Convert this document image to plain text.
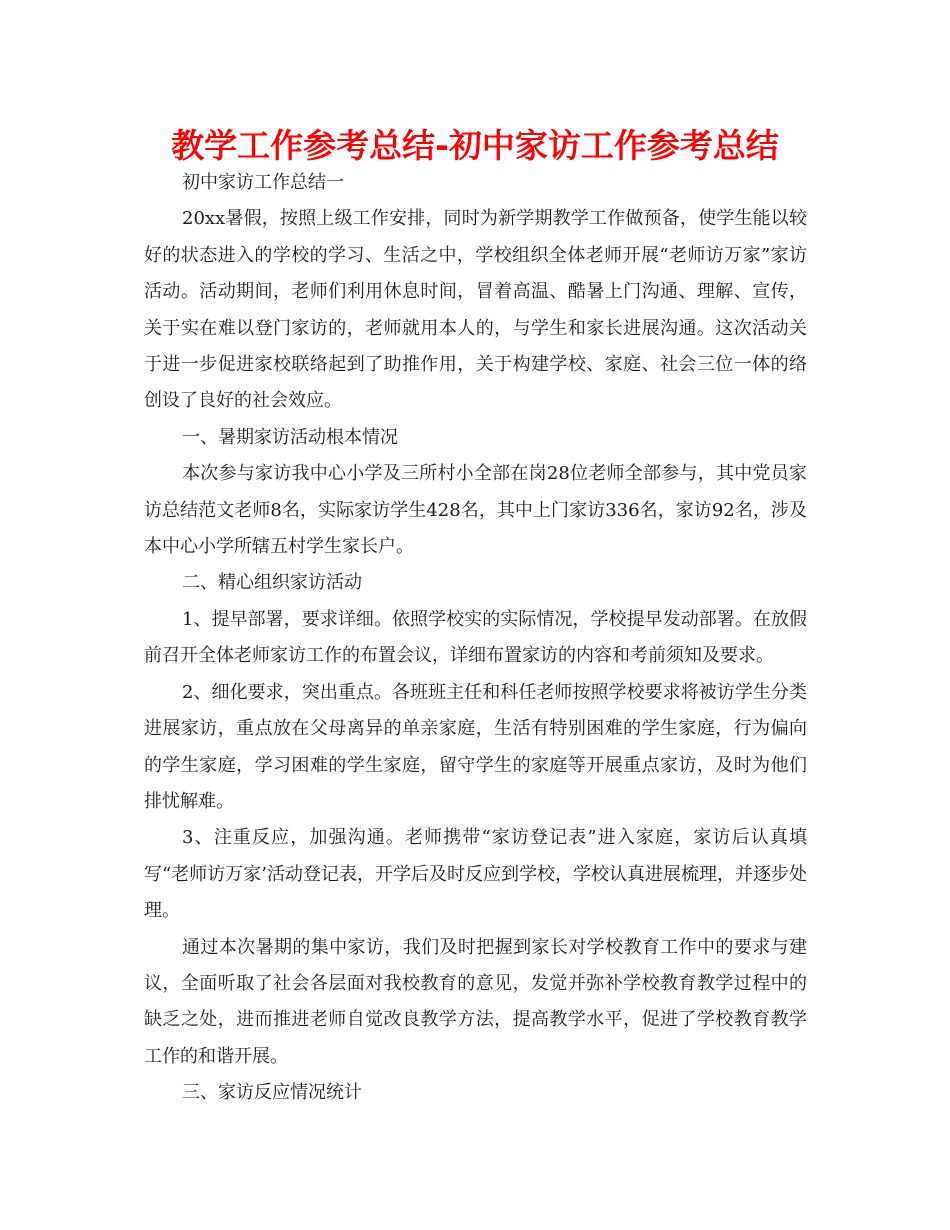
教学工作参考总结-初中家访工作参考总结

初中家访工作总结一

20xx暑假，按照上级工作安排，同时为新学期教学工作做预备，使学生能以较好的状态进入的学校的学习、生活之中，学校组织全体老师开展“老师访万家”家访活动。活动期间，老师们利用休息时间，冒着高温、酷暑上门沟通、理解、宣传，关于实在难以登门家访的，老师就用本人的，与学生和家长进展沟通。这次活动关于进一步促进家校联络起到了助推作用，关于构建学校、家庭、社会三位一体的络创设了良好的社会效应。

一、暑期家访活动根本情况

本次参与家访我中心小学及三所村小全部在岗28位老师全部参与，其中党员家访总结范文老师8名，实际家访学生428名，其中上门家访336名，家访92名，涉及本中心小学所辖五村学生家长户。

二、精心组织家访活动

1、提早部署，要求详细。依照学校实的实际情况，学校提早发动部署。在放假前召开全体老师家访工作的布置会议，详细布置家访的内容和考前须知及要求。

2、细化要求，突出重点。各班班主任和科任老师按照学校要求将被访学生分类进展家访，重点放在父母离异的单亲家庭，生活有特别困难的学生家庭，行为偏向的学生家庭，学习困难的学生家庭，留守学生的家庭等开展重点家访，及时为他们排忧解难。

3、注重反应，加强沟通。老师携带“家访登记表”进入家庭，家访后认真填写“老师访万家’活动登记表，开学后及时反应到学校，学校认真进展梳理，并逐步处理。

通过本次暑期的集中家访，我们及时把握到家长对学校教育工作中的要求与建议，全面听取了社会各层面对我校教育的意见，发觉并弥补学校教育教学过程中的缺乏之处，进而推进老师自觉改良教学方法，提高教学水平，促进了学校教育教学工作的和谐开展。

三、家访反应情况统计
